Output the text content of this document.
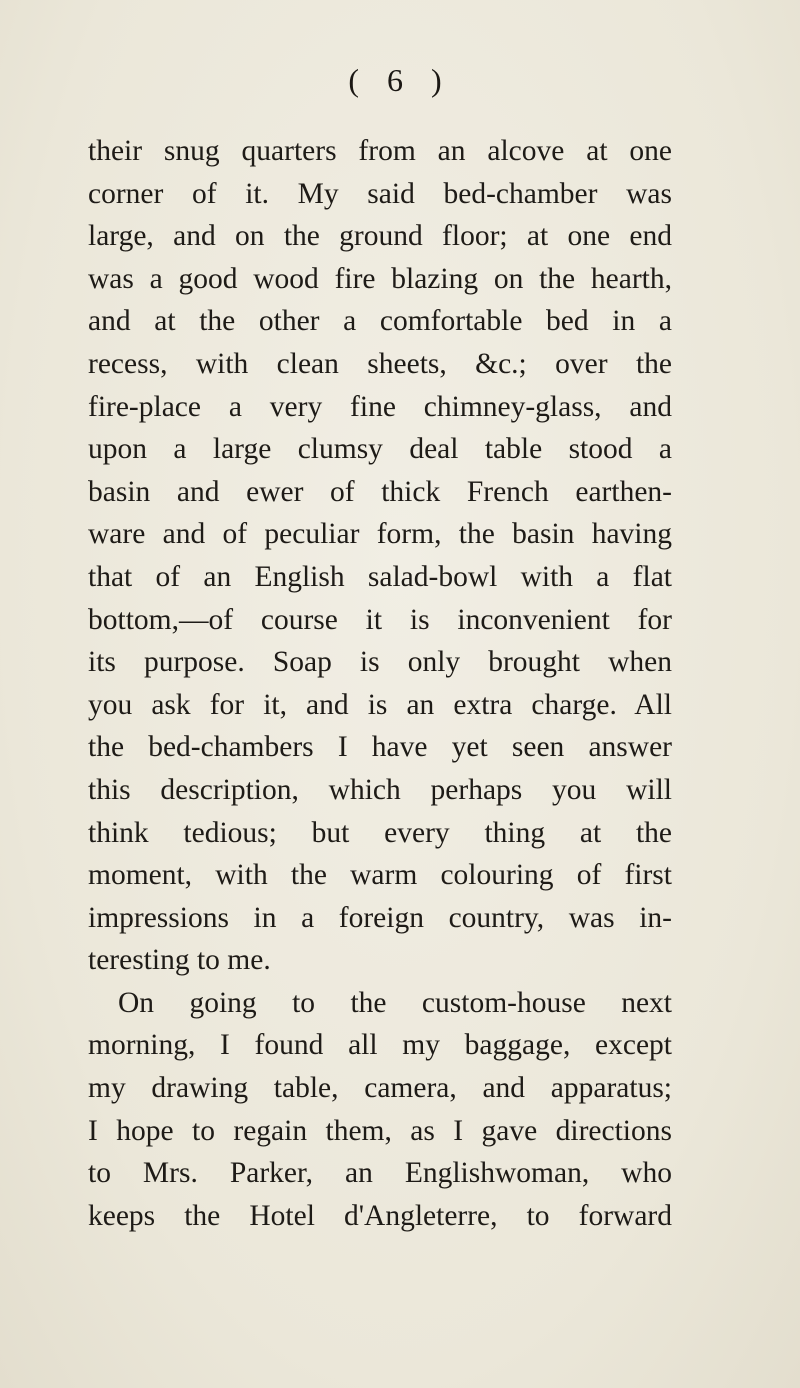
( 6 )
their snug quarters from an alcove at one
corner of it. My said bed-chamber was
large, and on the ground floor; at one end
was a good wood fire blazing on the hearth,
and at the other a comfortable bed in a
recess, with clean sheets, &c.; over the
fire-place a very fine chimney-glass, and
upon a large clumsy deal table stood a
basin and ewer of thick French earthen-
ware and of peculiar form, the basin having
that of an English salad-bowl with a flat
bottom,—of course it is inconvenient for
its purpose. Soap is only brought when
you ask for it, and is an extra charge. All
the bed-chambers I have yet seen answer
this description, which perhaps you will
think tedious; but every thing at the
moment, with the warm colouring of first
impressions in a foreign country, was in-
teresting to me.
On going to the custom-house next
morning, I found all my baggage, except
my drawing table, camera, and apparatus;
I hope to regain them, as I gave directions
to Mrs. Parker, an Englishwoman, who
keeps the Hotel d'Angleterre, to forward
